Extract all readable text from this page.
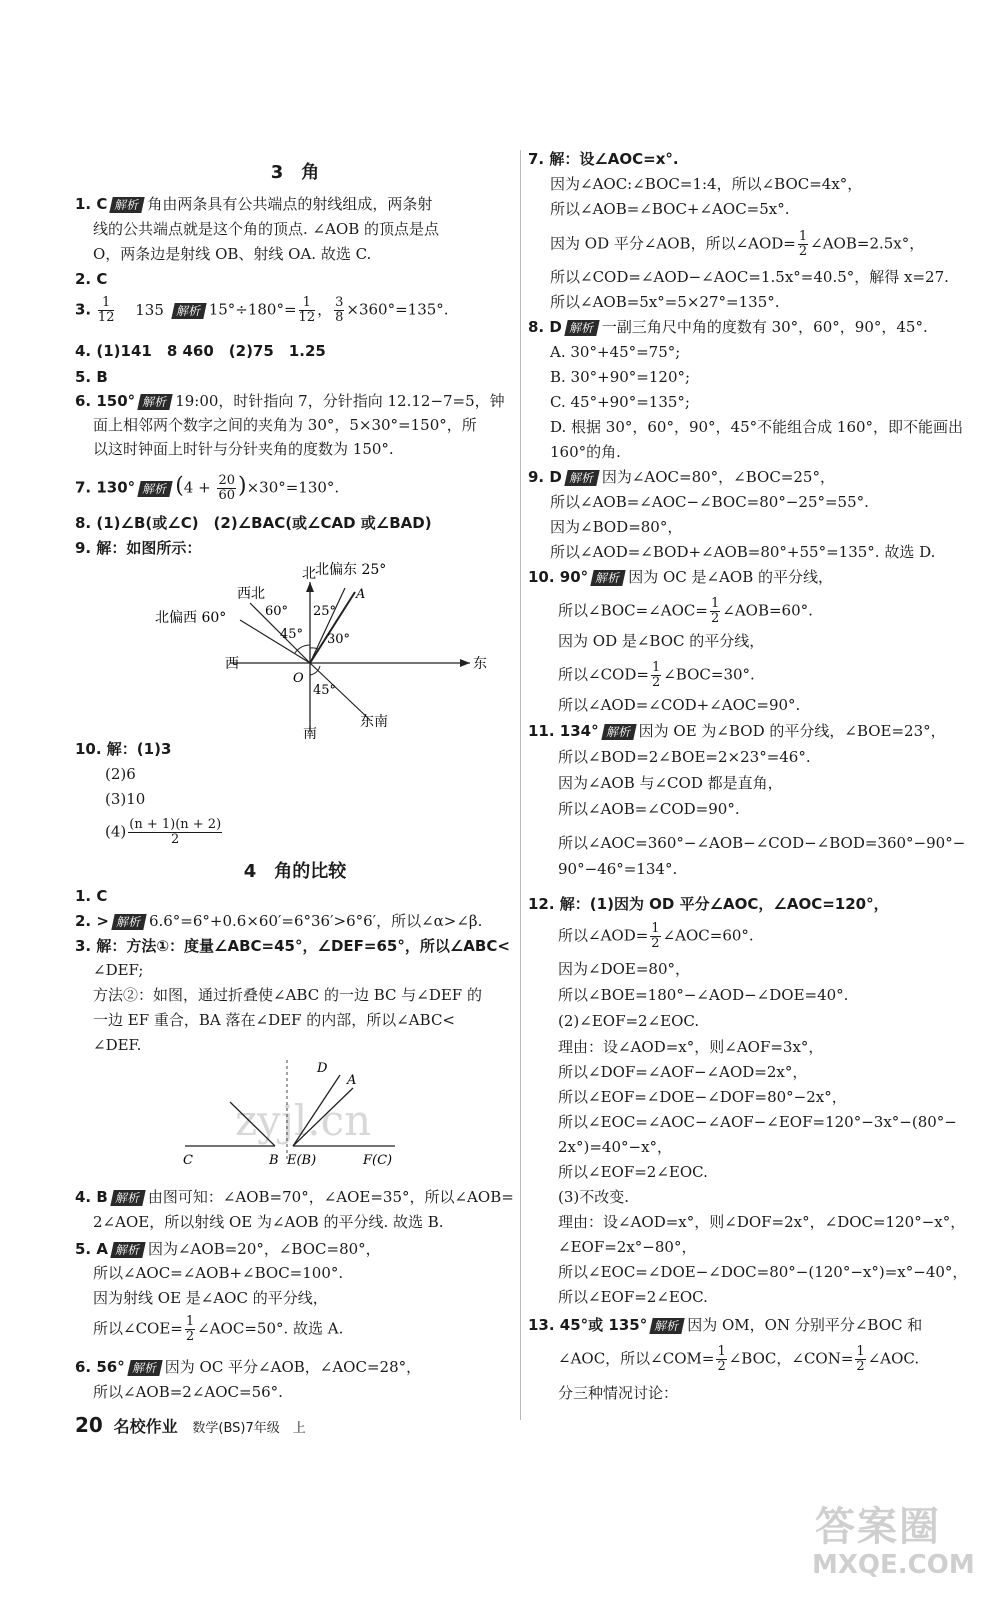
3　角
1. C 解析 角由两条具有公共端点的射线组成，两条射
线的公共端点就是这个角的顶点. ∠AOB 的顶点是点
O，两条边是射线 OB、射线 OA. 故选 C.
2. C
3. $\frac{1}{12} 135$ 解析 $15^\circ\div 180^\circ= \frac{1}{12}$ ， $\frac{3}{8} \times 360^\circ=135^\circ$.
4. (1)141　8 460　(2)75　1.25
5. B
6. 150° 解析 19:00，时针指向 7，分针指向 12.12−7=5，钟
面上相邻两个数字之间的夹角为 30°，5×30°=150°，所
以这时钟面上时针与分针夹角的度数为 150°.
7. 130° 解析 $(4 + \frac{20}{60} )\times 30^\circ=130^\circ$.
8. (1)∠B(或∠C)　(2)∠BAC(或∠CAD 或∠BAD)
9. 解：如图所示：
北
南
东
西
西北
东南
北偏东 25°
北偏西 60°
A
O
60° 25°
45° 30°
45°
10. 解：(1)3
(2)6
(3)10
$(4) \frac{(n + 1)(n + 2)}{2}$
4　角的比较
1. C
2. > 解析 6.6°=6°+0.6×60′=6°36′>6°6′，所以∠α>∠β.
3. 解：方法①：度量∠ABC=45°，∠DEF=65°，所以∠ABC<
∠DEF;
方法②：如图，通过折叠使∠ABC 的一边 BC 与∠DEF 的
一边 EF 重合，BA 落在∠DEF 的内部，所以∠ABC<
∠DEF.
zyjl.cn
C	B E(B)	F(C)
D
A
4. B 解析 由图可知：∠AOB=70°，∠AOE=35°，所以∠AOB=
2∠AOE，所以射线 OE 为∠AOB 的平分线. 故选 B.
5. A 解析 因为∠AOB=20°，∠BOC=80°，
所以∠AOC=∠AOB+∠BOC=100°.
因为射线 OE 是∠AOC 的平分线，
所以∠COE= $\frac{1}{2}$ ∠AOC=50°. 故选 A.
6. 56° 解析 因为 OC 平分∠AOB，∠AOC=28°，
所以∠AOB=2∠AOC=56°.
7. 解：设∠AOC=x°.
因为∠AOC:∠BOC=1:4，所以∠BOC=4x°，
所以∠AOB=∠BOC+∠AOC=5x°.
因为 OD 平分∠AOB，所以∠AOD= $\frac{1}{2}$ ∠AOB=2.5x°，
所以∠COD=∠AOD−∠AOC=1.5x°=40.5°，解得 x=27.
所以∠AOB=5x°=5×27°=135°.
8. D 解析 一副三角尺中角的度数有 30°，60°，90°，45°.
A. 30°+45°=75°;
B. 30°+90°=120°;
C. 45°+90°=135°;
D. 根据 30°，60°，90°，45°不能组合成 160°，即不能画出
160°的角.
9. D 解析 因为∠AOC=80°，∠BOC=25°，
所以∠AOB=∠AOC−∠BOC=80°−25°=55°.
因为∠BOD=80°，
所以∠AOD=∠BOD+∠AOB=80°+55°=135°. 故选 D.
10. 90° 解析 因为 OC 是∠AOB 的平分线，
所以∠BOC=∠AOC= $\frac{1}{2}$ ∠AOB=60°.
因为 OD 是∠BOC 的平分线，
所以∠COD= $\frac{1}{2}$ ∠BOC=30°.
所以∠AOD=∠COD+∠AOC=90°.
11. 134° 解析 因为 OE 为∠BOD 的平分线，∠BOE=23°，
所以∠BOD=2∠BOE=2×23°=46°.
因为∠AOB 与∠COD 都是直角，
所以∠AOB=∠COD=90°.
所以∠AOC=360°−∠AOB−∠COD−∠BOD=360°−90°−
90°−46°=134°.
12. 解：(1)因为 OD 平分∠AOC，∠AOC=120°，
所以∠AOD= $\frac{1}{2}$ ∠AOC=60°.
因为∠DOE=80°，
所以∠BOE=180°−∠AOD−∠DOE=40°.
(2)∠EOF=2∠EOC.
理由：设∠AOD=x°，则∠AOF=3x°，
所以∠DOF=∠AOF−∠AOD=2x°，
所以∠EOF=∠DOE−∠DOF=80°−2x°，
所以∠EOC=∠AOC−∠AOF−∠EOF=120°−3x°−(80°−
2x°)=40°−x°，
所以∠EOF=2∠EOC.
(3)不改变.
理由：设∠AOD=x°，则∠DOF=2x°，∠DOC=120°−x°，
∠EOF=2x°−80°，
所以∠EOC=∠DOE−∠DOC=80°−(120°−x°)=x°−40°，
所以∠EOF=2∠EOC.
13. 45°或 135° 解析 因为 OM，ON 分别平分∠BOC 和
∠AOC，所以∠COM= $\frac{1}{2}$ ∠BOC，∠CON= $\frac{1}{2}$ ∠AOC.
分三种情况讨论：
20 名校作业 数学(BS)7年级　上
答案圈
MXQE.COM
